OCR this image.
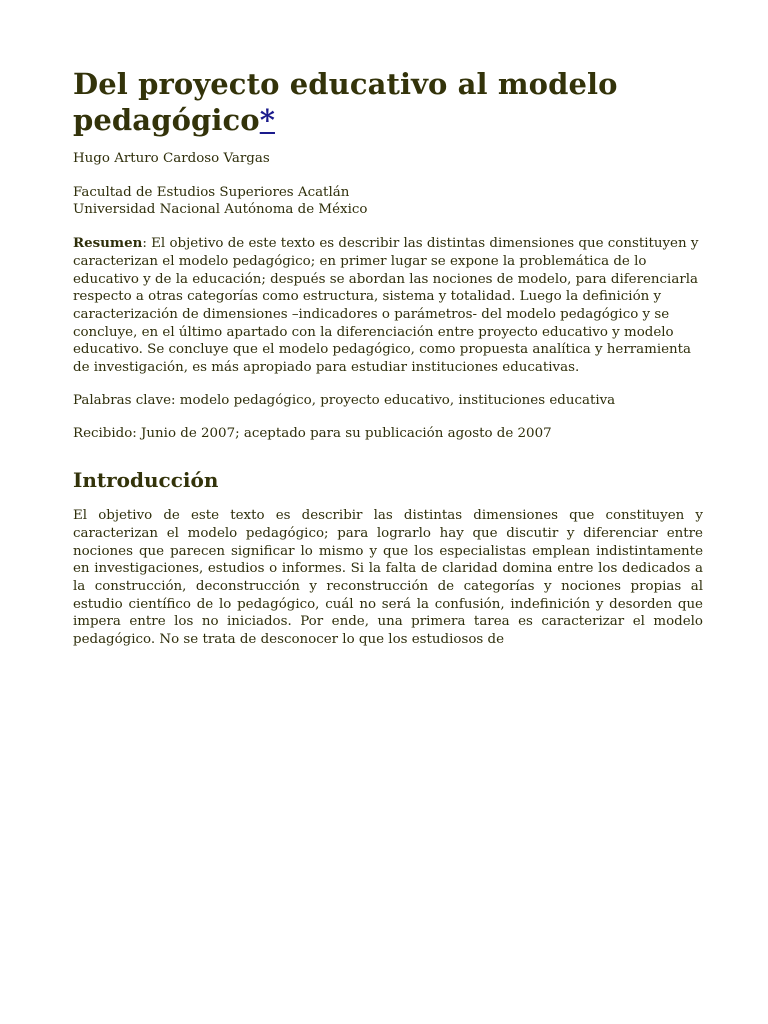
Del proyecto educativo al modelo pedagógico*

Hugo Arturo Cardoso Vargas

Facultad de Estudios Superiores Acatlán
Universidad Nacional Autónoma de México

Resumen: El objetivo de este texto es describir las distintas dimensiones que constituyen y caracterizan el modelo pedagógico; en primer lugar se expone la problemática de lo educativo y de la educación; después se abordan las nociones de modelo, para diferenciarla respecto a otras categorías como estructura, sistema y totalidad. Luego la definición y caracterización de dimensiones –indicadores o parámetros- del modelo pedagógico y se concluye, en el último apartado con la diferenciación entre proyecto educativo y modelo educativo. Se concluye que el modelo pedagógico, como propuesta analítica y herramienta de investigación, es más apropiado para estudiar instituciones educativas.

Palabras clave: modelo pedagógico, proyecto educativo, instituciones educativa

Recibido: Junio de 2007; aceptado para su publicación agosto de 2007

Introducción

El objetivo de este texto es describir las distintas dimensiones que constituyen y caracterizan el modelo pedagógico; para lograrlo hay que discutir y diferenciar entre nociones que parecen significar lo mismo y que los especialistas emplean indistintamente en investigaciones, estudios o informes. Si la falta de claridad domina entre los dedicados a la construcción, deconstrucción y reconstrucción de categorías y nociones propias al estudio científico de lo pedagógico, cuál no será la confusión, indefinición y desorden que impera entre los no iniciados. Por ende, una primera tarea es caracterizar el modelo pedagógico. No se trata de desconocer lo que los estudiosos de
